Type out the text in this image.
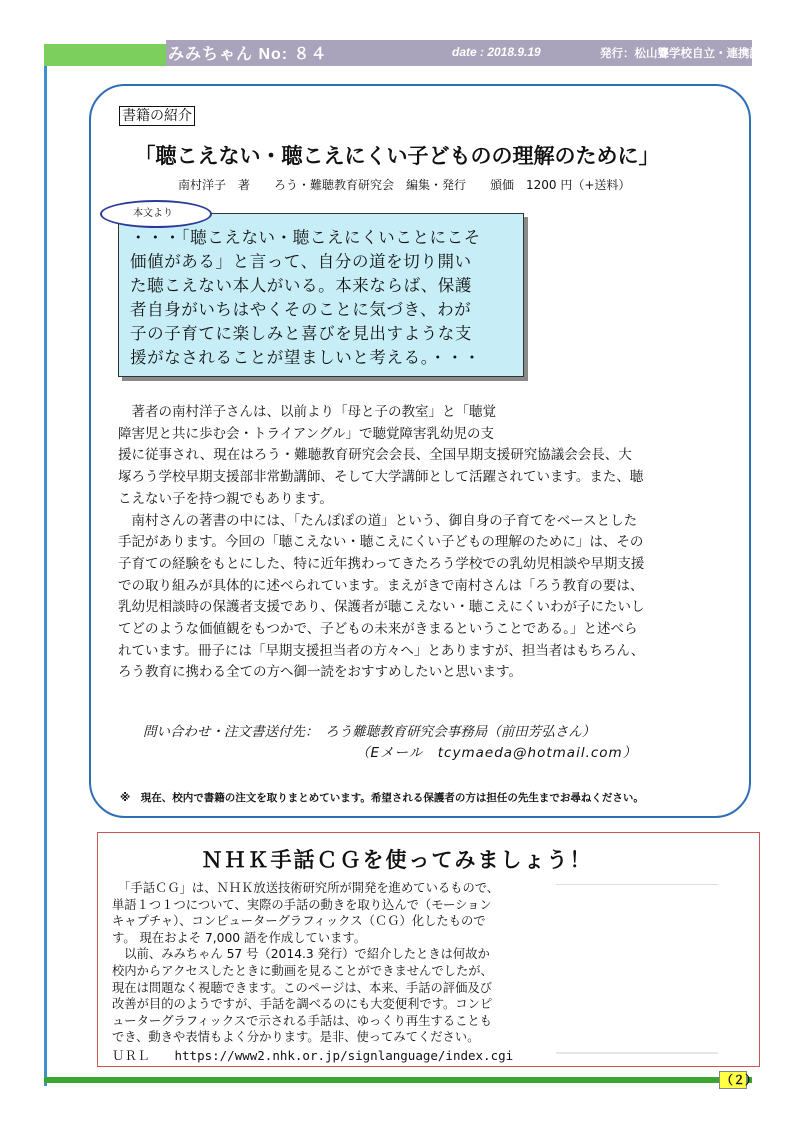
みみちゃん No: ８４	date : 2018.9.19	発行：松山聾学校自立・連携課
書籍の紹介
「聴こえない・聴こえにくい子どものの理解のために」
南村洋子　著　　ろう・難聴教育研究会　編集・発行　　頒価　1200 円（+送料）
・・・「聴こえない・聴こえにくいことにこそ
価値がある」と言って、自分の道を切り開い
た聴こえない本人がいる。本来ならば、保護
者自身がいちはやくそのことに気づき、わが
子の子育てに楽しみと喜びを見出すような支
援がなされることが望ましいと考える。・・・
本文より
　著者の南村洋子さんは、以前より「母と子の教室」と「聴覚
障害児と共に歩む会・トライアングル」で聴覚障害乳幼児の支
援に従事され、現在はろう・難聴教育研究会会長、全国早期支援研究協議会会長、大
塚ろう学校早期支援部非常勤講師、そして大学講師として活躍されています。また、聴
こえない子を持つ親でもあります。
　南村さんの著書の中には、「たんぽぽの道」という、御自身の子育てをベースとした
手記があります。今回の「聴こえない・聴こえにくい子どもの理解のために」は、その
子育ての経験をもとにした、特に近年携わってきたろう学校での乳幼児相談や早期支援
での取り組みが具体的に述べられています。まえがきで南村さんは「ろう教育の要は、
乳幼児相談時の保護者支援であり、保護者が聴こえない・聴こえにくいわが子にたいし
てどのような価値観をもつかで、子どもの未来がきまるということである。」と述べら
れています。冊子には「早期支援担当者の方々へ」とありますが、担当者はもちろん、
ろう教育に携わる全ての方へ御一読をおすすめしたいと思います。
問い合わせ・注文書送付先：　ろう難聴教育研究会事務局（前田芳弘さん）
（Eメール　tcymaeda@hotmail.com）
※　現在、校内で書籍の注文を取りまとめています。希望される保護者の方は担任の先生までお尋ねください。
ＮＨＫ手話ＣＧを使ってみましょう！
　「手話ＣＧ」は、ＮＨＫ放送技術研究所が開発を進めているもので、
単語１つ１つについて、実際の手話の動きを取り込んで（モーション
キャプチャ）、コンピューターグラフィックス（ＣＧ）化したもので
す。 現在およそ 7,000 語を作成しています。
　以前、みみちゃん 57 号（2014.3 発行）で紹介したときは何故か
校内からアクセスしたときに動画を見ることができませんでしたが、
現在は問題なく視聴できます。このページは、本来、手話の評価及び
改善が目的のようですが、手話を調べるのにも大変便利です。コンピ
ューターグラフィックスで示される手話は、ゆっくり再生することも
でき、動きや表情もよく分かります。是非、使ってみてください。
ＵＲＬ　　https://www2.nhk.or.jp/signlanguage/index.cgi
（２）
